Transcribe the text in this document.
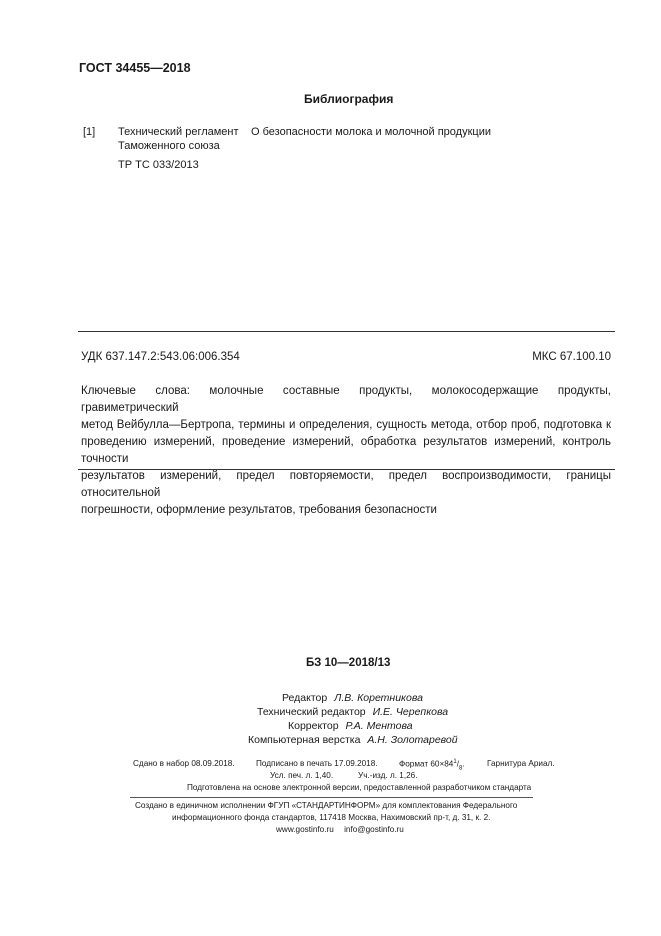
ГОСТ 34455—2018
Библиография
[1] Технический регламент
Таможенного союза
ТР ТС 033/2013
О безопасности молока и молочной продукции
УДК 637.147.2:543.06:006.354	МКС 67.100.10
Ключевые слова: молочные составные продукты, молокосодержащие продукты, гравиметрический
метод Вейбулла—Бертропа, термины и определения, сущность метода, отбор проб, подготовка к
проведению измерений, проведение измерений, обработка результатов измерений, контроль точности
результатов измерений, предел повторяемости, предел воспроизводимости, границы относительной
погрешности, оформление результатов, требования безопасности
БЗ 10—2018/13
Редактор Л.В. Коретникова
Технический редактор И.Е. Черепкова
Корректор Р.А. Ментова
Компьютерная верстка А.Н. Золотаревой
Сдано в набор 08.09.2018.	Подписано в печать 17.09.2018.	Формат $60\times 84^1/_8$.	Гарнитура Ариал.
Усл. печ. л. 1,40.	Уч.-изд. л. 1,26.
Подготовлена на основе электронной версии, предоставленной разработчиком стандарта
Создано в единичном исполнении ФГУП «СТАНДАРТИНФОРМ» для комплектования Федерального
информационного фонда стандартов, 117418 Москва, Нахимовский пр-т, д. 31, к. 2.
www.gostinfo.ru info@gostinfo.ru
